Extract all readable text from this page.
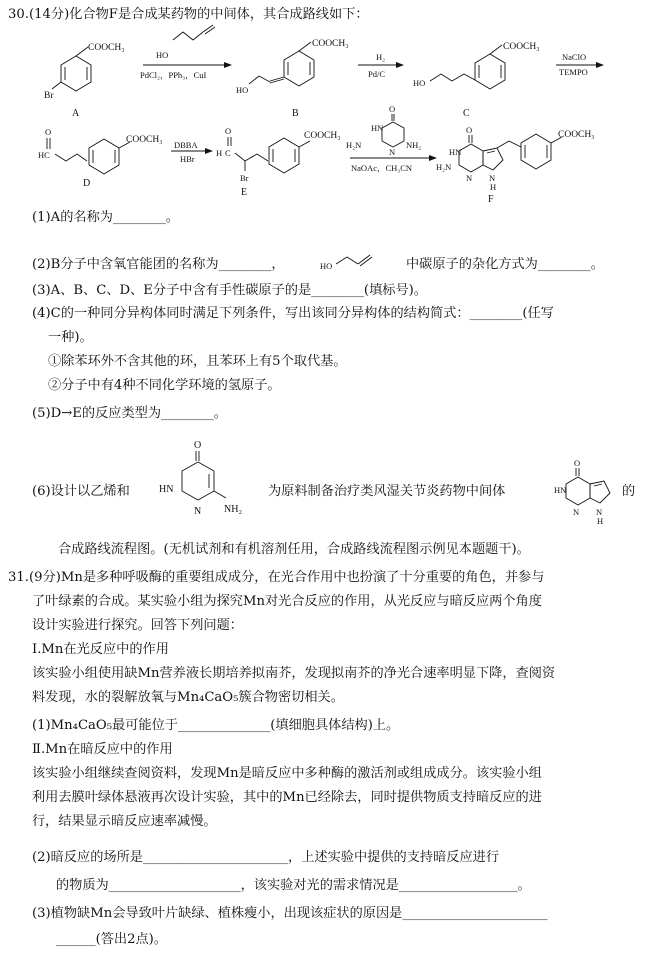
30.(14分)化合物F是合成某药物的中间体，其合成路线如下：
COOCH₃
Br
A
HO
PdCl₂，PPh₃，CuI
COOCH₃
HO
B
H₂
Pd/C
COOCH₃
HO
C
NaClO
TEMPO
O
HC
COOCH₃
D
DBBA
HBr
O
H C
Br
COOCH₃
E
O
HN
H₂N
N
NH₂
NaOAc，CH₃CN
O
HN
H₂N
N N
H
COOCH₃
F
(1)A的名称为________。
(2)B分子中含氧官能团的名称为________，	HO	中碳原子的杂化方式为________。
(3)A、B、C、D、E分子中含有手性碳原子的是________(填标号)。
(4)C的一种同分异构体同时满足下列条件，写出该同分异构体的结构简式：________(任写
一种)。
①除苯环外不含其他的环，且苯环上有5个取代基。
②分子中有4种不同化学环境的氢原子。
(5)D→E的反应类型为________。
(6)设计以乙烯和
O
HN
N NH₂
为原料制备治疗类风湿关节炎药物中间体
O
HN
N N
H
的
合成路线流程图。(无机试剂和有机溶剂任用，合成路线流程图示例见本题题干)。
31.(9分)Mn是多种呼吸酶的重要组成成分，在光合作用中也扮演了十分重要的角色，并参与
了叶绿素的合成。某实验小组为探究Mn对光合反应的作用，从光反应与暗反应两个角度
设计实验进行探究。回答下列问题：
Ⅰ.Mn在光反应中的作用
该实验小组使用缺Mn营养液长期培养拟南芥，发现拟南芥的净光合速率明显下降，查阅资
料发现，水的裂解放氧与Mn₄CaO₅簇合物密切相关。
(1)Mn₄CaO₅最可能位于______________(填细胞具体结构)上。
Ⅱ.Mn在暗反应中的作用
该实验小组继续查阅资料，发现Mn是暗反应中多种酶的激活剂或组成成分。该实验小组
利用去膜叶绿体悬液再次设计实验，其中的Mn已经除去，同时提供物质支持暗反应的进
行，结果显示暗反应速率减慢。
(2)暗反应的场所是______________________，上述实验中提供的支持暗反应进行
的物质为____________________，该实验对光的需求情况是__________________。
(3)植物缺Mn会导致叶片缺绿、植株瘦小，出现该症状的原因是______________________
______(答出2点)。
